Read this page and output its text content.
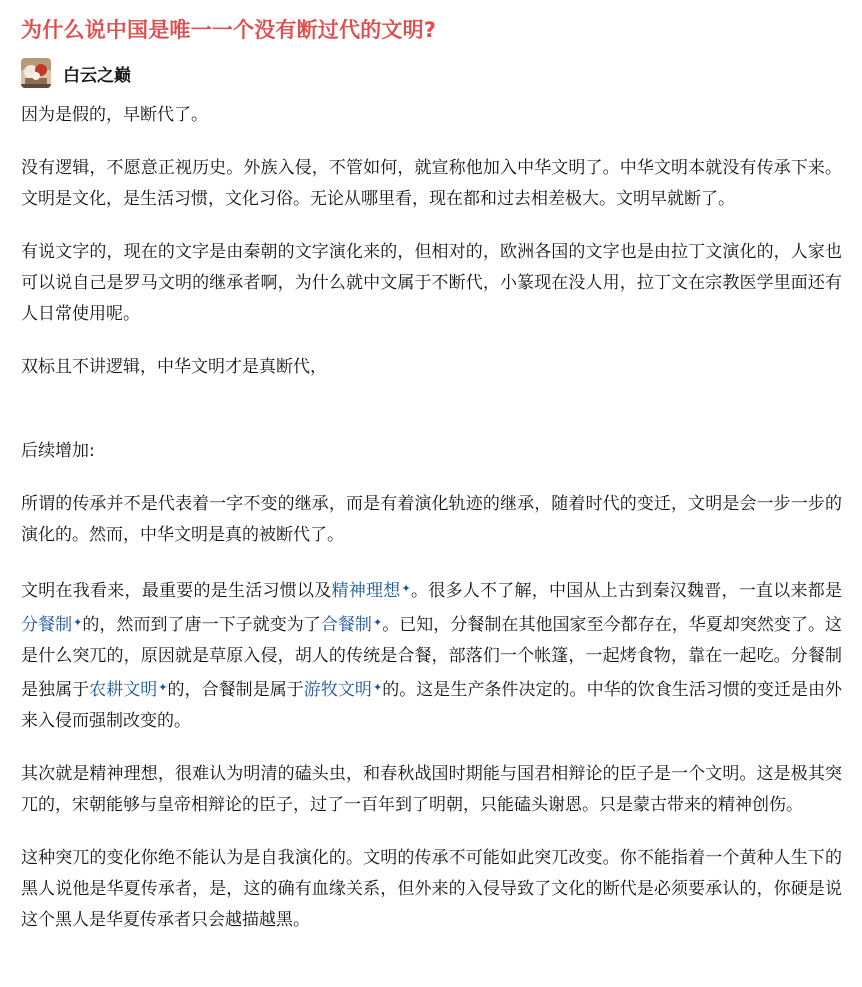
为什么说中国是唯一一个没有断过代的文明?
白云之巅

因为是假的，早断代了。

没有逻辑，不愿意正视历史。外族入侵，不管如何，就宣称他加入中华文明了。中华文明本就没有传承下来。文明是文化，是生活习惯，文化习俗。无论从哪里看，现在都和过去相差极大。文明早就断了。

有说文字的，现在的文字是由秦朝的文字演化来的，但相对的，欧洲各国的文字也是由拉丁文演化的，人家也可以说自己是罗马文明的继承者啊，为什么就中文属于不断代，小篆现在没人用，拉丁文在宗教医学里面还有人日常使用呢。

双标且不讲逻辑，中华文明才是真断代，

后续增加:

所谓的传承并不是代表着一字不变的继承，而是有着演化轨迹的继承，随着时代的变迁，文明是会一步一步的演化的。然而，中华文明是真的被断代了。

文明在我看来，最重要的是生活习惯以及精神理想✦。很多人不了解，中国从上古到秦汉魏晋，一直以来都是分餐制✦的，然而到了唐一下子就变为了合餐制✦。已知，分餐制在其他国家至今都存在，华夏却突然变了。这是什么突兀的，原因就是草原入侵，胡人的传统是合餐，部落们一个帐篷，一起烤食物，靠在一起吃。分餐制是独属于农耕文明✦的，合餐制是属于游牧文明✦的。这是生产条件决定的。中华的饮食生活习惯的变迁是由外来入侵而强制改变的。

其次就是精神理想，很难认为明清的磕头虫，和春秋战国时期能与国君相辩论的臣子是一个文明。这是极其突兀的，宋朝能够与皇帝相辩论的臣子，过了一百年到了明朝，只能磕头谢恩。只是蒙古带来的精神创伤。

这种突兀的变化你绝不能认为是自我演化的。文明的传承不可能如此突兀改变。你不能指着一个黄种人生下的黑人说他是华夏传承者，是，这的确有血缘关系，但外来的入侵导致了文化的断代是必须要承认的，你硬是说这个黑人是华夏传承者只会越描越黑。
